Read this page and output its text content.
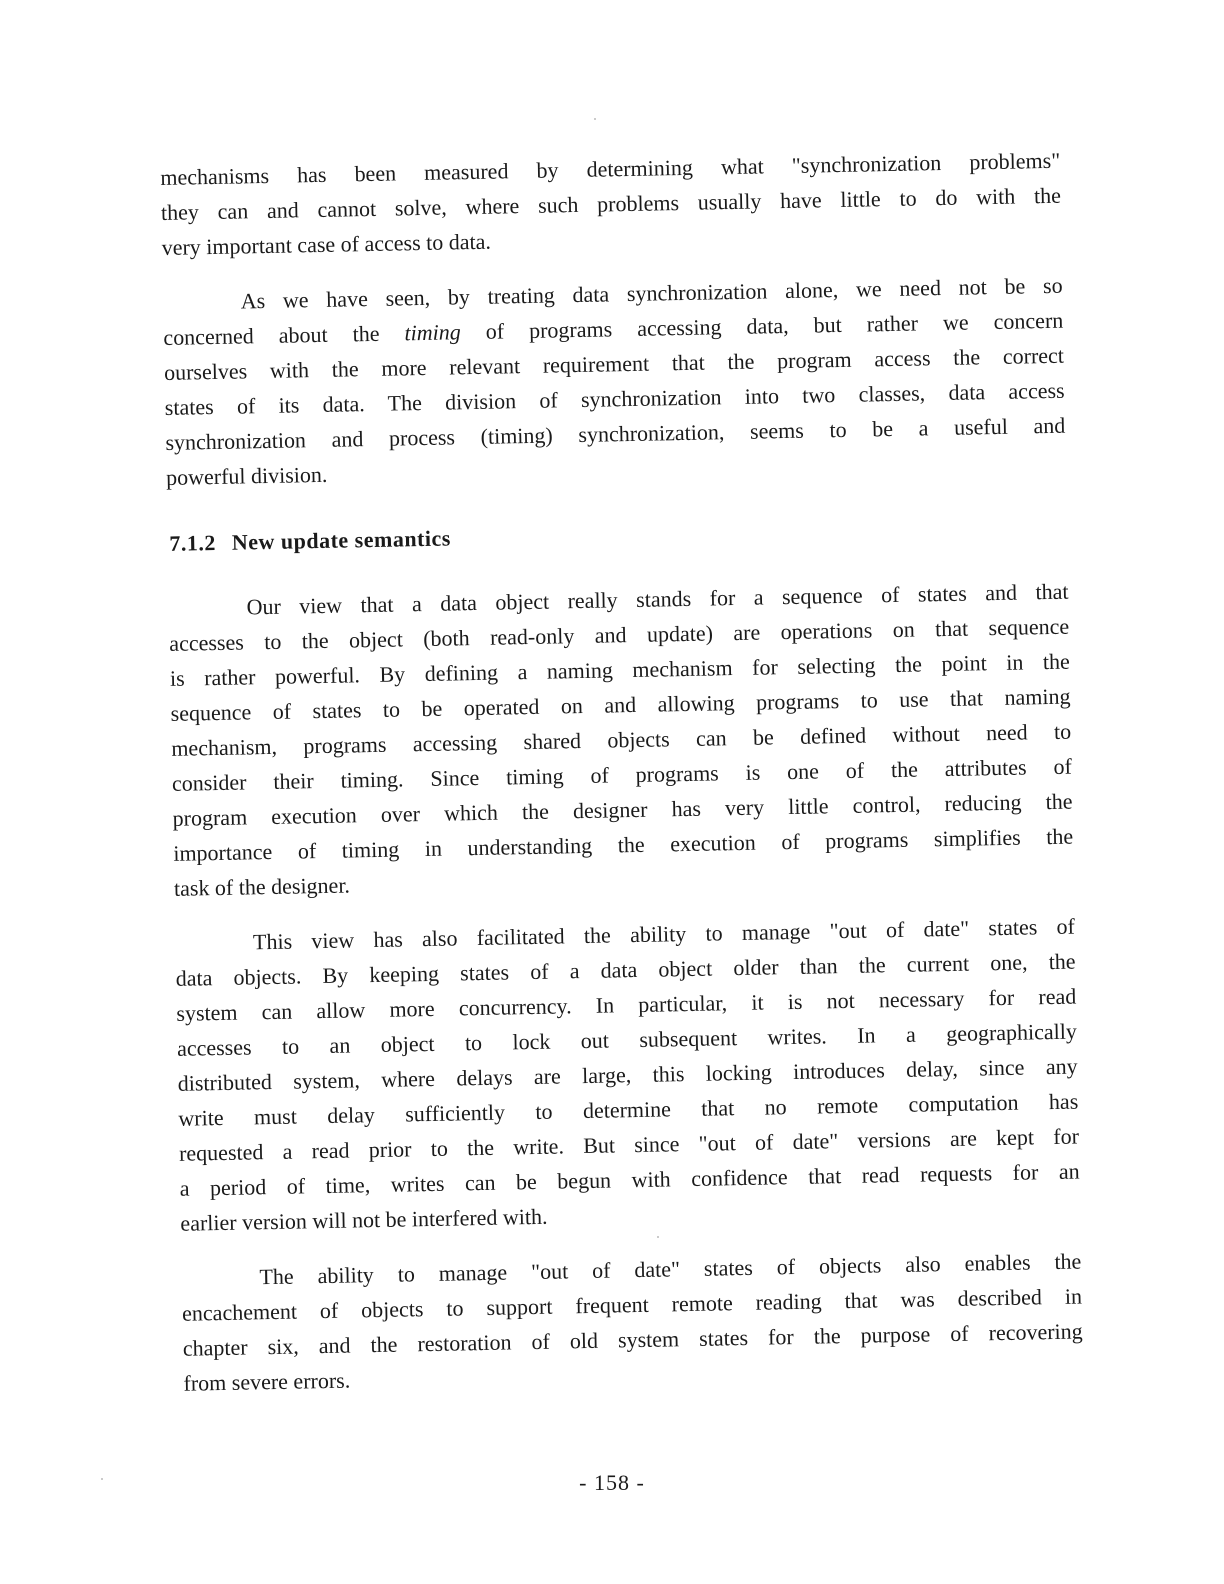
mechanisms has been measured by determining what "synchronization problems"
they can and cannot solve, where such problems usually have little to do with the
very important case of access to data.

As we have seen, by treating data synchronization alone, we need not be so
concerned about the timing of programs accessing data, but rather we concern
ourselves with the more relevant requirement that the program access the correct
states of its data. The division of synchronization into two classes, data access
synchronization and process (timing) synchronization, seems to be a useful and
powerful division.

7.1.2 New update semantics

Our view that a data object really stands for a sequence of states and that
accesses to the object (both read-only and update) are operations on that sequence
is rather powerful. By defining a naming mechanism for selecting the point in the
sequence of states to be operated on and allowing programs to use that naming
mechanism, programs accessing shared objects can be defined without need to
consider their timing. Since timing of programs is one of the attributes of
program execution over which the designer has very little control, reducing the
importance of timing in understanding the execution of programs simplifies the
task of the designer.

This view has also facilitated the ability to manage "out of date" states of
data objects. By keeping states of a data object older than the current one, the
system can allow more concurrency. In particular, it is not necessary for read
accesses to an object to lock out subsequent writes. In a geographically
distributed system, where delays are large, this locking introduces delay, since any
write must delay sufficiently to determine that no remote computation has
requested a read prior to the write. But since "out of date" versions are kept for
a period of time, writes can be begun with confidence that read requests for an
earlier version will not be interfered with.

The ability to manage "out of date" states of objects also enables the
encachement of objects to support frequent remote reading that was described in
chapter six, and the restoration of old system states for the purpose of recovering
from severe errors.

- 158 -
